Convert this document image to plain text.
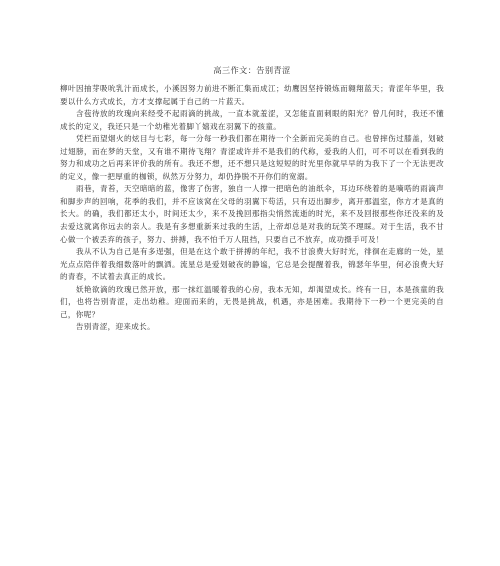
高三作文：告别青涩

柳叶因抽芽吸吮乳汁而成长，小溪因努力前进不断汇集而成江；幼鹰因坚持锻炼而翱翔蓝天；青涩年华里，我要以什么方式成长，方才支撑起属于自己的一片蓝天。

含苞待放的玫瑰向来经受不起雨滴的挑战，一直本就羞涩，又怎能直面刺眼的阳光？曾几何时，我还不懂成长的定义，我还只是一个幼稚光着脚丫嬉戏在羽翼下的孩童。

凭栏而望烟火的炫目与七彩，每一分每一秒我们都在期待一个全新而完美的自己。也曾摔伤过膝盖，划破过翅膀，而在梦的天堂，又有谁不期待飞翔？青涩或许并不是我们的代称，爱我的人们，可不可以在看到我的努力和成功之后再来评价我的所有。我还不想，还不想只是这短短的时光里你就早早的为我下了一个无法更改的定义，像一把厚重的枷锁，纵然万分努力，却仍挣脱不开你们的宽溺。

雨巷，青苔，天空暗暗的蓝，像害了伤害，独自一人撑一把暗色的油纸伞，耳边环绕着的是嘀嗒的雨滴声和脚步声的回响，花季的我们，并不应该窝在父母的羽翼下苟活，只有迈出脚步，离开那温室，你方才是真的长大。的确，我们都还太小，时间还太少，来不及挽回那指尖悄然流逝的时光，来不及回报那些你还没来的及去爱这就离你远去的亲人。我是有多想重新来过我的生活，上帝却总是对我的玩笑不理睬。对于生活，我不甘心做一个被丢弃的孩子，努力、拼搏，我不怕千万人阻挡，只要自己不放弃，成功摄手可及！

我从不认为自己是有多逞强，但是在这个敢于拼搏的年纪，我不甘浪费大好时光，徘徊在走廊的一处，星光点点陪伴着我细数落叶的飘洒。流星总是爱划破夜的静谧，它总是会提醒着我，锦瑟年华里，何必浪费大好的青春，不试着去真正的成长。

妖艳欲滴的玫瑰已然开放，那一抹红温暖着我的心房，我本无知，却渴望成长。终有一日，本是孩童的我们，也将告别青涩，走出幼稚。迎面而来的，无畏是挑战，机遇，亦是困难。我期待下一秒一个更完美的自己，你呢？

告别青涩，迎来成长。
